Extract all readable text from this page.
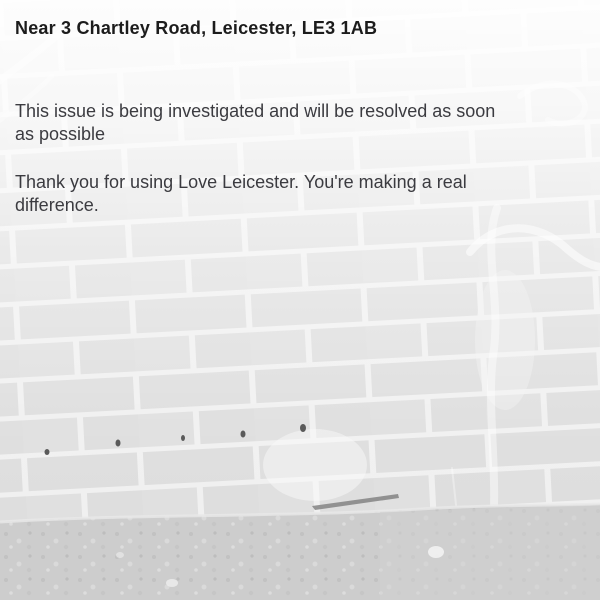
Near 3 Chartley Road, Leicester, LE3 1AB

This issue is being investigated and will be resolved as soon
as possible

Thank you for using Love Leicester. You're making a real
difference.
